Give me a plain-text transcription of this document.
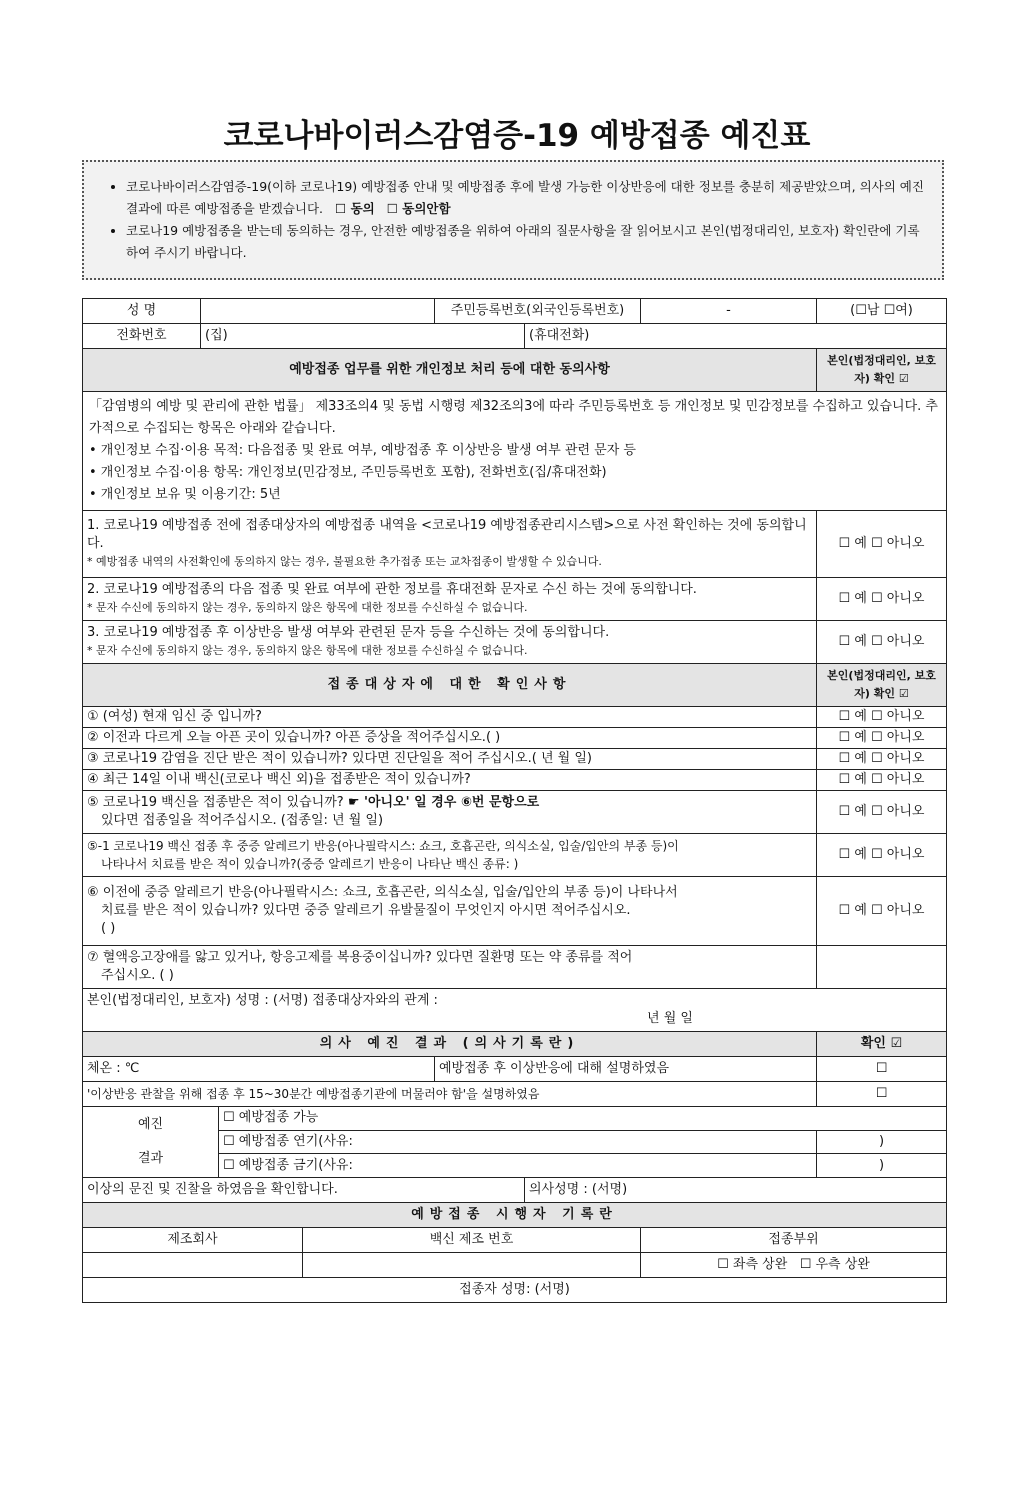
코로나바이러스감염증-19 예방접종 예진표
• 코로나바이러스감염증-19(이하 코로나19) 예방접종 안내 및 예방접종 후에 발생 가능한 이상반응에 대한 정보를 충분히 제공받았으며, 의사의 예진결과에 따른 예방접종을 받겠습니다. ☐ 동의 ☐ 동의안함
• 코로나19 예방접종을 받는데 동의하는 경우, 안전한 예방접종을 위하여 아래의 질문사항을 잘 읽어보시고 본인(법정대리인, 보호자) 확인란에 기록하여 주시기 바랍니다.
성 명				주민등록번호(외국인등록번호)		-	(☐남 ☐여)
전화번호	(집)				(휴대전화)		
예방접종 업무를 위한 개인정보 처리 등에 대한 동의사항							본인(법정대리인, 보호자) 확인 ☑
「감염병의 예방 및 관리에 관한 법률」 제33조의4 및 동법 시행령 제32조의3에 따라 주민등록번호 등 개인정보 및 민감정보를 수집하고 있습니다. 추가적으로 수집되는 항목은 아래와 같습니다.
• 개인정보 수집·이용 목적: 다음접종 및 완료 여부, 예방접종 후 이상반응 발생 여부 관련 문자 등
• 개인정보 수집·이용 항목: 개인정보(민감정보, 주민등록번호 포함), 전화번호(집/휴대전화)
• 개인정보 보유 및 이용기간: 5년							
1. 코로나19 예방접종 전에 접종대상자의 예방접종 내역을 <코로나19 예방접종관리시스템>으로 사전 확인하는 것에 동의합니다.
* 예방접종 내역의 사전확인에 동의하지 않는 경우, 불필요한 추가접종 또는 교차접종이 발생할 수 있습니다.							☐ 예 ☐ 아니오
2. 코로나19 예방접종의 다음 접종 및 완료 여부에 관한 정보를 휴대전화 문자로 수신 하는 것에 동의합니다.
* 문자 수신에 동의하지 않는 경우, 동의하지 않은 항목에 대한 정보를 수신하실 수 없습니다.							☐ 예 ☐ 아니오
3. 코로나19 예방접종 후 이상반응 발생 여부와 관련된 문자 등을 수신하는 것에 동의합니다.
* 문자 수신에 동의하지 않는 경우, 동의하지 않은 항목에 대한 정보를 수신하실 수 없습니다.							☐ 예 ☐ 아니오
접종대상자에 대한 확인사항							본인(법정대리인, 보호자) 확인 ☑
① (여성) 현재 임신 중 입니까?							☐ 예 ☐ 아니오
② 이전과 다르게 오늘 아픈 곳이 있습니까? 아픈 증상을 적어주십시오.( )							☐ 예 ☐ 아니오
③ 코로나19 감염을 진단 받은 적이 있습니까? 있다면 진단일을 적어 주십시오.( 년 월 일)							☐ 예 ☐ 아니오
④ 최근 14일 이내 백신(코로나 백신 외)을 접종받은 적이 있습니까?							☐ 예 ☐ 아니오
⑤ 코로나19 백신을 접종받은 적이 있습니까? ☛ '아니오' 일 경우 ⑥번 문항으로

있다면 접종일을 적어주십시오. (접종일: 년 월 일)							☐ 예 ☐ 아니오
⑤-1 코로나19 백신 접종 후 중증 알레르기 반응(아나필락시스: 쇼크, 호흡곤란, 의식소실, 입술/입안의 부종 등)이

나타나서 치료를 받은 적이 있습니까?(중증 알레르기 반응이 나타난 백신 종류: )							☐ 예 ☐ 아니오
⑥ 이전에 중증 알레르기 반응(아나필락시스: 쇼크, 호흡곤란, 의식소실, 입술/입안의 부종 등)이 나타나서

치료를 받은 적이 있습니까? 있다면 중증 알레르기 유발물질이 무엇인지 아시면 적어주십시오.
( )							☐ 예 ☐ 아니오
⑦ 혈액응고장애를 앓고 있거나, 항응고제를 복용중이십니까? 있다면 질환명 또는 약 종류를 적어

주십시오. ( )							

본인(법정대리인, 보호자) 성명 : (서명) 접종대상자와의 관계 :

년 월 일							

의사 예진 결과 (의사기록란)							확인 ☑
체온 : ℃				예방접종 후 이상반응에 대해 설명하였음			☐
'이상반응 관찰을 위해 접종 후 15~30분간 예방접종기관에 머물러야 함'을 설명하였음							☐
예진
결과		☐ 예방접종 가능					
		☐ 예방접종 연기(사유:					)
		☐ 예방접종 금기(사유:					)
이상의 문진 및 진찰을 하였음을 확인합니다.					의사성명 : (서명)		
예방접종 시행자 기록란							
제조회사			백신 제조 번호			접종부위	
						☐ 좌측 상완 ☐ 우측 상완	
접종자 성명: (서명)							
